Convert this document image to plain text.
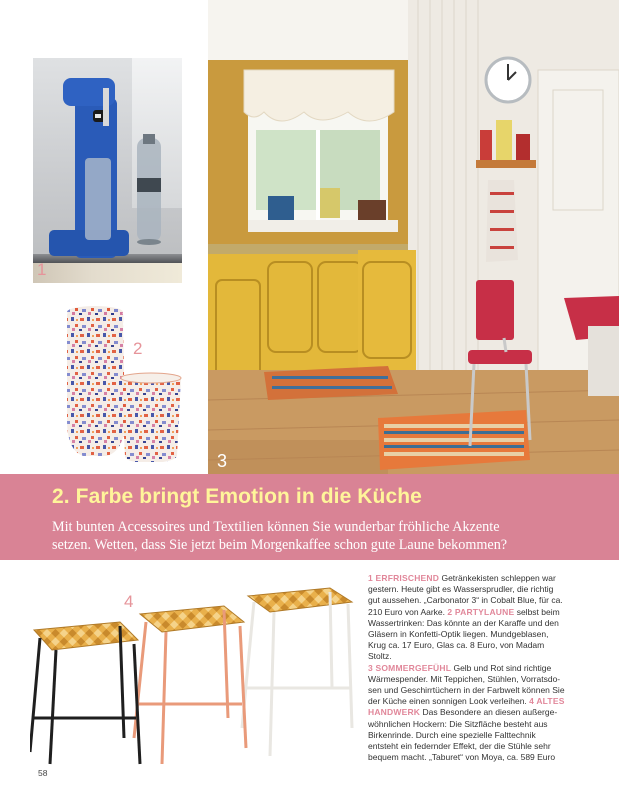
1
2
3
2. Farbe bringt Emotion in die Küche
Mit bunten Accessoires und Textilien können Sie wunderbar fröhliche Akzente
setzen. Wetten, dass Sie jetzt beim Morgenkaffee schon gute Laune bekommen?
4
1 ERFRISCHEND Getränkekisten schleppen war
gestern. Heute gibt es Wassersprudler, die richtig
gut aussehen. „Carbonator 3“ in Cobalt Blue, für ca.
210 Euro von Aarke. 2 PARTYLAUNE selbst beim
Wassertrinken: Das könnte an der Karaffe und den
Gläsern in Konfetti-Optik liegen. Mundgeblasen,
Krug ca. 17 Euro, Glas ca. 8 Euro, von Madam Stoltz.
3 SOMMERGEFÜHL Gelb und Rot sind richtige
Wärmespender. Mit Teppichen, Stühlen, Vorratsdo-
sen und Geschirrtüchern in der Farbwelt können Sie
der Küche einen sonnigen Look verleihen. 4 ALTES
HANDWERK Das Besondere an diesen außerge-
wöhnlichen Hockern: Die Sitzfläche besteht aus
Birkenrinde. Durch eine spezielle Falttechnik
entsteht ein federnder Effekt, der die Stühle sehr
bequem macht. „Taburet“ von Moya, ca. 589 Euro
58
